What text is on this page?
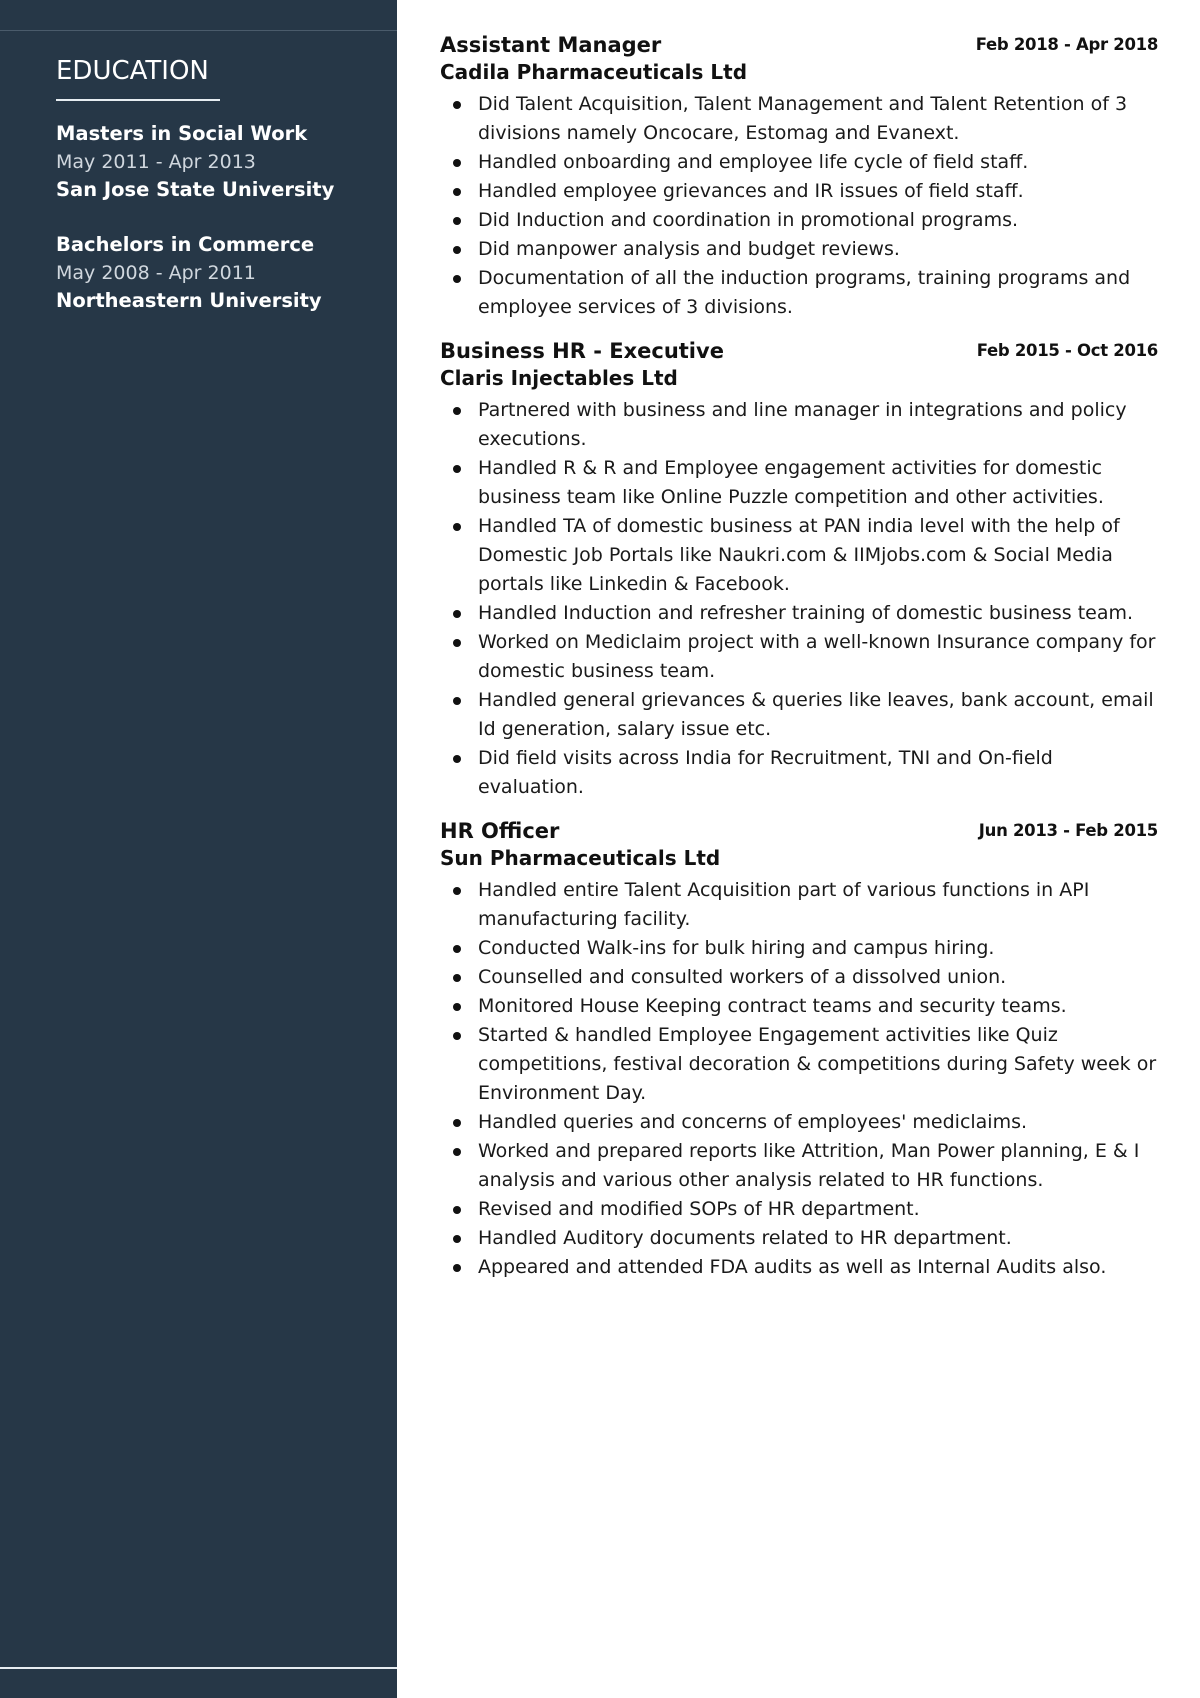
EDUCATION
Masters in Social Work
May 2011 - Apr 2013
San Jose State University
Bachelors in Commerce
May 2008 - Apr 2011
Northeastern University
Assistant Manager	Feb 2018 - Apr 2018
Cadila Pharmaceuticals Ltd
Did Talent Acquisition, Talent Management and Talent Retention of 3 divisions namely Oncocare, Estomag and Evanext.
Handled onboarding and employee life cycle of field staff.
Handled employee grievances and IR issues of field staff.
Did Induction and coordination in promotional programs.
Did manpower analysis and budget reviews.
Documentation of all the induction programs, training programs and employee services of 3 divisions.
Business HR - Executive	Feb 2015 - Oct 2016
Claris Injectables Ltd
Partnered with business and line manager in integrations and policy executions.
Handled R & R and Employee engagement activities for domestic business team like Online Puzzle competition and other activities.
Handled TA of domestic business at PAN india level with the help of Domestic Job Portals like Naukri.com & IIMjobs.com & Social Media portals like Linkedin & Facebook.
Handled Induction and refresher training of domestic business team.
Worked on Mediclaim project with a well-known Insurance company for domestic business team.
Handled general grievances & queries like leaves, bank account, email Id generation, salary issue etc.
Did field visits across India for Recruitment, TNI and On-field evaluation.
HR Officer	Jun 2013 - Feb 2015
Sun Pharmaceuticals Ltd
Handled entire Talent Acquisition part of various functions in API manufacturing facility.
Conducted Walk-ins for bulk hiring and campus hiring.
Counselled and consulted workers of a dissolved union.
Monitored House Keeping contract teams and security teams.
Started & handled Employee Engagement activities like Quiz competitions, festival decoration & competitions during Safety week or Environment Day.
Handled queries and concerns of employees' mediclaims.
Worked and prepared reports like Attrition, Man Power planning, E & I analysis and various other analysis related to HR functions.
Revised and modified SOPs of HR department.
Handled Auditory documents related to HR department.
Appeared and attended FDA audits as well as Internal Audits also.
